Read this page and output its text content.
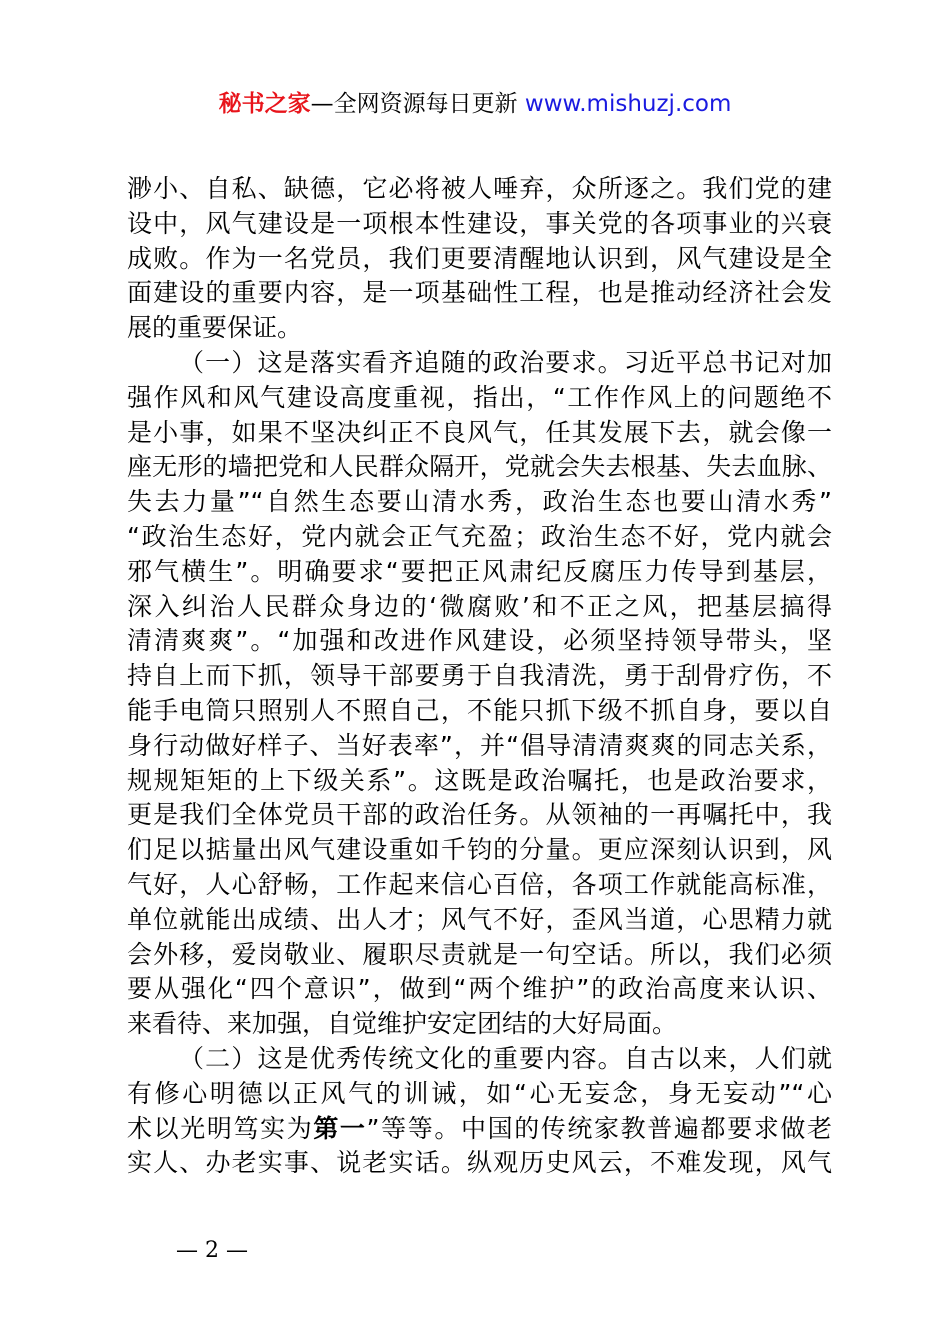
秘书之家—全网资源每日更新 www.mishuzj.com
渺小、自私、缺德，它必将被人唾弃，众所逐之。我们党的建
设中，风气建设是一项根本性建设，事关党的各项事业的兴衰
成败。作为一名党员，我们更要清醒地认识到，风气建设是全
面建设的重要内容，是一项基础性工程，也是推动经济社会发
展的重要保证。
（一）这是落实看齐追随的政治要求。习近平总书记对加
强作风和风气建设高度重视，指出，“工作作风上的问题绝不
是小事，如果不坚决纠正不良风气，任其发展下去，就会像一
座无形的墙把党和人民群众隔开，党就会失去根基、失去血脉、
失去力量”“自然生态要山清水秀，政治生态也要山清水秀”
“政治生态好，党内就会正气充盈；政治生态不好，党内就会
邪气横生”。明确要求“要把正风肃纪反腐压力传导到基层，
深入纠治人民群众身边的‘微腐败’和不正之风，把基层搞得
清清爽爽”。“加强和改进作风建设，必须坚持领导带头，坚
持自上而下抓，领导干部要勇于自我清洗，勇于刮骨疗伤，不
能手电筒只照别人不照自己，不能只抓下级不抓自身，要以自
身行动做好样子、当好表率”，并“倡导清清爽爽的同志关系，
规规矩矩的上下级关系”。这既是政治嘱托，也是政治要求，
更是我们全体党员干部的政治任务。从领袖的一再嘱托中，我
们足以掂量出风气建设重如千钧的分量。更应深刻认识到，风
气好，人心舒畅，工作起来信心百倍，各项工作就能高标准，
单位就能出成绩、出人才；风气不好，歪风当道，心思精力就
会外移，爱岗敬业、履职尽责就是一句空话。所以，我们必须
要从强化“四个意识”，做到“两个维护”的政治高度来认识、
来看待、来加强，自觉维护安定团结的大好局面。
（二）这是优秀传统文化的重要内容。自古以来，人们就
有修心明德以正风气的训诫，如“心无妄念，身无妄动”“心
术以光明笃实为第一”等等。中国的传统家教普遍都要求做老
实人、办老实事、说老实话。纵观历史风云，不难发现，风气
— 2 —
